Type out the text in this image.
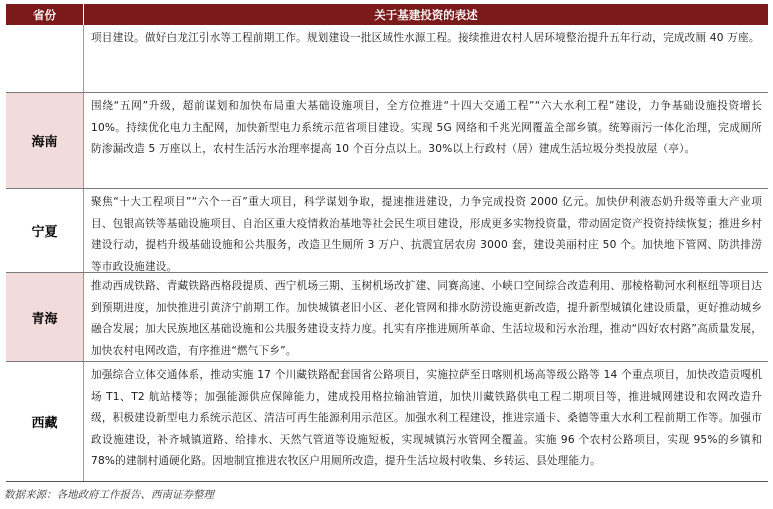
省份	关于基建投资的表述
项目建设。做好白龙江引水等工程前期工作。规划建设一批区域性水源工程。接续推进农村人居环境整治提升五年行动，完成改厕 40 万座。
海南
围绕“五网”升级，超前谋划和加快布局重大基础设施项目，全方位推进“十四大交通工程”“六大水利工程”建设，力争基础设施投资增长 10%。持续优化电力主配网，加快新型电力系统示范省项目建设。实现 5G 网络和千兆光网覆盖全部乡镇。统筹雨污一体化治理，完成厕所防渗漏改造 5 万座以上，农村生活污水治理率提高 10 个百分点以上。30%以上行政村（居）建成生活垃圾分类投放屋（亭）。
宁夏
聚焦“十大工程项目”“六个一百”重大项目，科学谋划争取，提速推进建设，力争完成投资 2000 亿元。加快伊利液态奶升级等重大产业项目、包银高铁等基础设施项目、自治区重大疫情救治基地等社会民生项目建设，形成更多实物投资量，带动固定资产投资持续恢复；推进乡村建设行动，提档升级基础设施和公共服务，改造卫生厕所 3 万户、抗震宜居农房 3000 套，建设美丽村庄 50 个。加快地下管网、防洪排涝等市政设施建设。
青海
推动西成铁路、青藏铁路西格段提质、西宁机场三期、玉树机场改扩建、同赛高速、小峡口空间综合改造利用、那棱格勒河水利枢纽等项目达到预期进度，加快推进引黄济宁前期工作。加快城镇老旧小区、老化管网和排水防涝设施更新改造，提升新型城镇化建设质量，更好推动城乡融合发展；加大民族地区基础设施和公共服务建设支持力度。扎实有序推进厕所革命、生活垃圾和污水治理，推动“四好农村路”高质量发展，加快农村电网改造，有序推进“燃气下乡”。
西藏
加强综合立体交通体系，推动实施 17 个川藏铁路配套国省公路项目，实施拉萨至日喀则机场高等级公路等 14 个重点项目，加快改造贡嘎机场 T1、T2 航站楼等；加强能源供应保障能力，建成投用格拉输油管道，加快川藏铁路供电工程二期项目等，推进城网建设和农网改造升级，积极建设新型电力系统示范区、清洁可再生能源利用示范区。加强水利工程建设，推进宗通卡、桑德等重大水利工程前期工作等。加强市政设施建设，补齐城镇道路、给排水、天然气管道等设施短板，实现城镇污水管网全覆盖。实施 96 个农村公路项目，实现 95%的乡镇和 78%的建制村通硬化路。因地制宜推进农牧区户用厕所改造，提升生活垃圾村收集、乡转运、县处理能力。
数据来源：各地政府工作报告、西南证券整理
